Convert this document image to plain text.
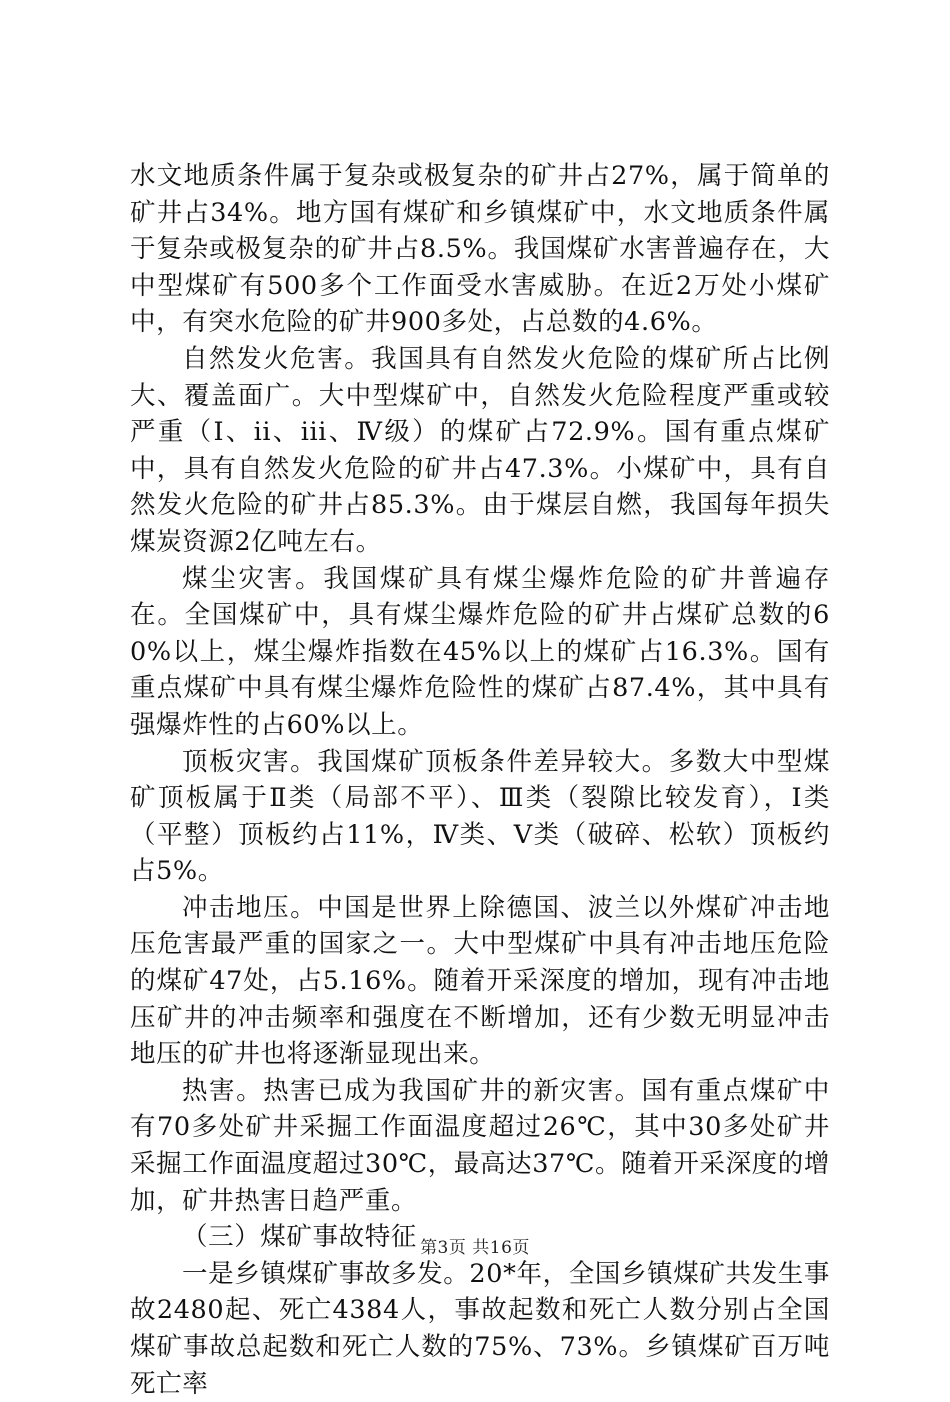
水文地质条件属于复杂或极复杂的矿井占27%，属于简单的矿井占34%。地方国有煤矿和乡镇煤矿中，水文地质条件属于复杂或极复杂的矿井占8.5%。我国煤矿水害普遍存在，大中型煤矿有500多个工作面受水害威胁。在近2万处小煤矿中，有突水危险的矿井900多处，占总数的4.6%。

自然发火危害。我国具有自然发火危险的煤矿所占比例大、覆盖面广。大中型煤矿中，自然发火危险程度严重或较严重（Ⅰ、ii、iii、Ⅳ级）的煤矿占72.9%。国有重点煤矿中，具有自然发火危险的矿井占47.3%。小煤矿中，具有自然发火危险的矿井占85.3%。由于煤层自燃，我国每年损失煤炭资源2亿吨左右。

煤尘灾害。我国煤矿具有煤尘爆炸危险的矿井普遍存在。全国煤矿中，具有煤尘爆炸危险的矿井占煤矿总数的60%以上，煤尘爆炸指数在45%以上的煤矿占16.3%。国有重点煤矿中具有煤尘爆炸危险性的煤矿占87.4%，其中具有强爆炸性的占60%以上。

顶板灾害。我国煤矿顶板条件差异较大。多数大中型煤矿顶板属于Ⅱ类（局部不平）、Ⅲ类（裂隙比较发育），Ⅰ类（平整）顶板约占11%，Ⅳ类、Ⅴ类（破碎、松软）顶板约占5%。

冲击地压。中国是世界上除德国、波兰以外煤矿冲击地压危害最严重的国家之一。大中型煤矿中具有冲击地压危险的煤矿47处，占5.16%。随着开采深度的增加，现有冲击地压矿井的冲击频率和强度在不断增加，还有少数无明显冲击地压的矿井也将逐渐显现出来。

热害。热害已成为我国矿井的新灾害。国有重点煤矿中有70多处矿井采掘工作面温度超过26℃，其中30多处矿井采掘工作面温度超过30℃，最高达37℃。随着开采深度的增加，矿井热害日趋严重。

（三）煤矿事故特征

一是乡镇煤矿事故多发。20*年，全国乡镇煤矿共发生事故2480起、死亡4384人，事故起数和死亡人数分别占全国煤矿事故总起数和死亡人数的75%、73%。乡镇煤矿百万吨死亡率

第3页 共16页
